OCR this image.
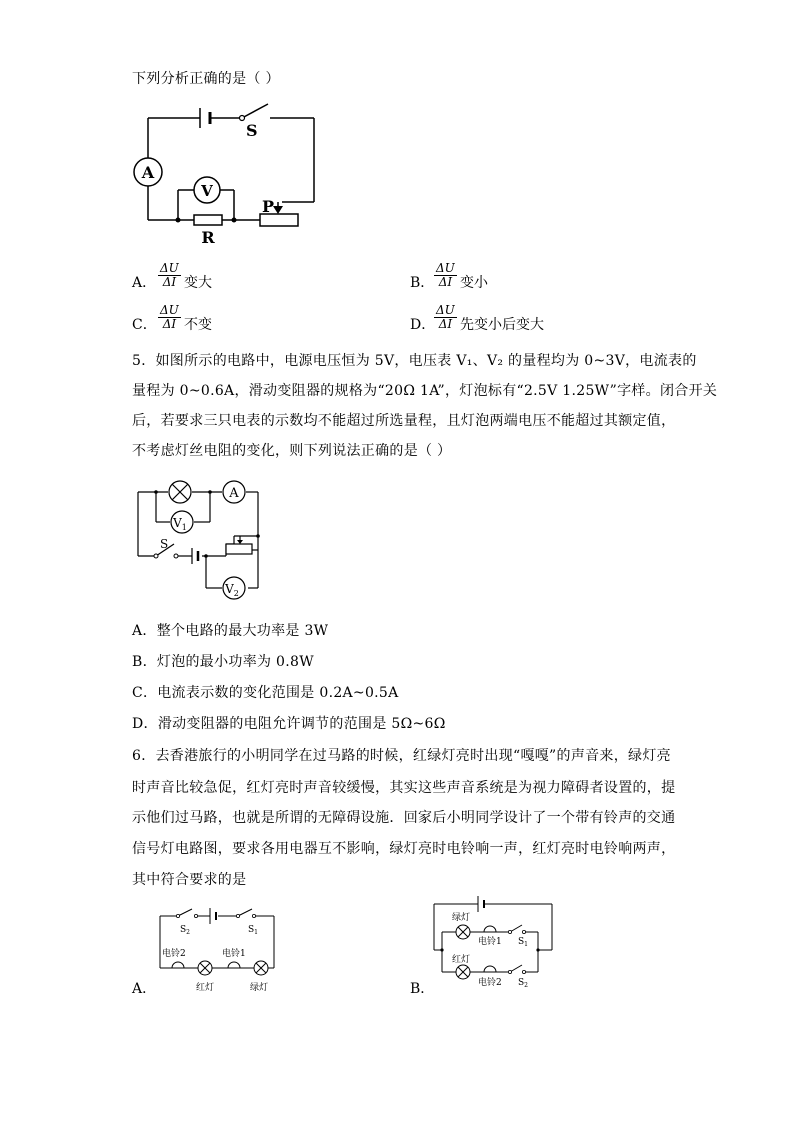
下列分析正确的是（ ）
S
A
V
R
P
A． $\frac{\Delta U}{\Delta I}$ 变大	B． $\frac{\Delta U}{\Delta I}$ 变小
C． $\frac{\Delta U}{\Delta I}$ 不变	D．
$\frac{\Delta U}{\Delta I}$ 先变小后变大
5．如图所示的电路中，电源电压恒为 5V，电压表 V₁、V₂ 的量程均为 0~3V，电流表的
量程为 0~0.6A，滑动变阻器的规格为“20Ω 1A”，灯泡标有“2.5V 1.25W”字样。闭合开关
后，若要求三只电表的示数均不能超过所选量程，且灯泡两端电压不能超过其额定值，
不考虑灯丝电阻的变化，则下列说法正确的是（ ）
A
$V_1$
S
$V_2$
A．整个电路的最大功率是 3W
B．灯泡的最小功率为 0.8W
C．电流表示数的变化范围是 0.2A~0.5A
D．滑动变阻器的电阻允许调节的范围是 5Ω~6Ω
6．去香港旅行的小明同学在过马路的时候，红绿灯亮时出现“嘎嘎”的声音来，绿灯亮
时声音比较急促，红灯亮时声音较缓慢，其实这些声音系统是为视力障碍者设置的，提
示他们过马路，也就是所谓的无障碍设施．回家后小明同学设计了一个带有铃声的交通
信号灯电路图，要求各用电器互不影响，绿灯亮时电铃响一声，红灯亮时电铃响两声，
其中符合要求的是
A．
$S_2$	$S_1$
电铃2
红灯
电铃1
绿灯	B．
绿灯
电铃1 $S_1$
红灯
电铃2 $S_2$
